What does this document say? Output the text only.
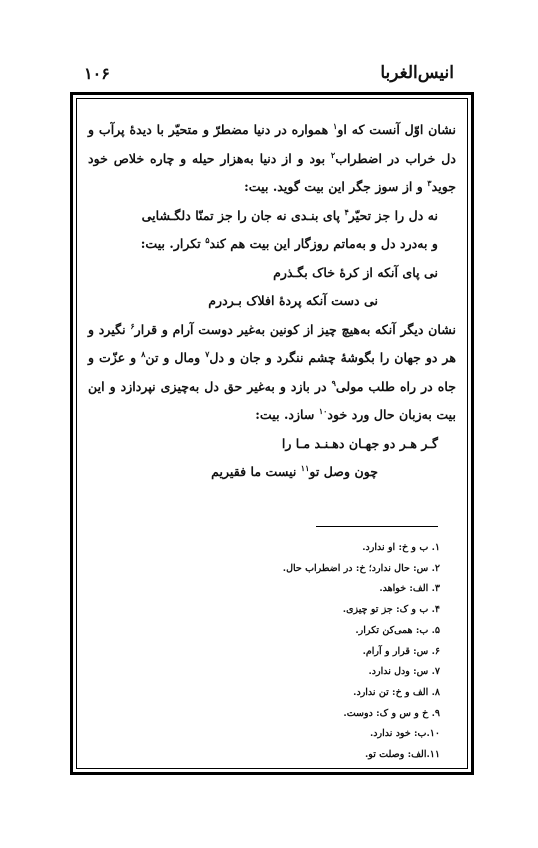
۱۰۶	انیس‌الغربا

نشان اوّل آنست که او$^۱$ همواره در دنیا مضطرّ و متحیّر با دیدهٔ پرآب و دل خراب در اضطراب$^۲$ بود و از دنیا به‌هزار حیله و چاره خلاص خود جوید$^۳$ و از سوز جگر این بیت گوید. بیت:

نه دل را جز تحیّر$^۴$ پای بنـدی نه جان را جز تمنّا دلگـشایی

و به‌درد دل و به‌ماتم روزگار این بیت هم کند$^۵$ تکرار. بیت:

نی پای آنکه از کرهٔ خاک بگـذرم

نی دست آنکه پردهٔ افلاک بـردرم

نشان دیگر آنکه به‌هیچ چیز از کونین به‌غیر دوست آرام و قرار$^۶$ نگیرد و هر دو جهان را بگوشهٔ چشم ننگرد و جان و دل$^۷$ ومال و تن$^۸$ و عزّت و جاه در راه طلب مولی$^۹$ در بازد و به‌غیر حق دل به‌چیزی نپردازد و این بیت به‌زبان حال ورد خود$^{۱۰}$ سازد. بیت:

گـر هـر دو جهـان دهـنـد مـا را

چون وصل تو$^{۱۱}$ نیست ما فقیریم

۱. ب و خ: او ندارد.
۲. س: حال ندارد؛ خ: در اضطراب حال.
۳. الف: خواهد.
۴. ب و ک: جز تو چیزی.
۵. ب: همی‌کن تکرار.
۶. س: قرار و آرام.
۷. س: ودل ندارد.
۸. الف و خ: تن ندارد.
۹. خ و س و ک: دوست.
۱۰.ب: خود ندارد.
۱۱.الف: وصلت تو.
